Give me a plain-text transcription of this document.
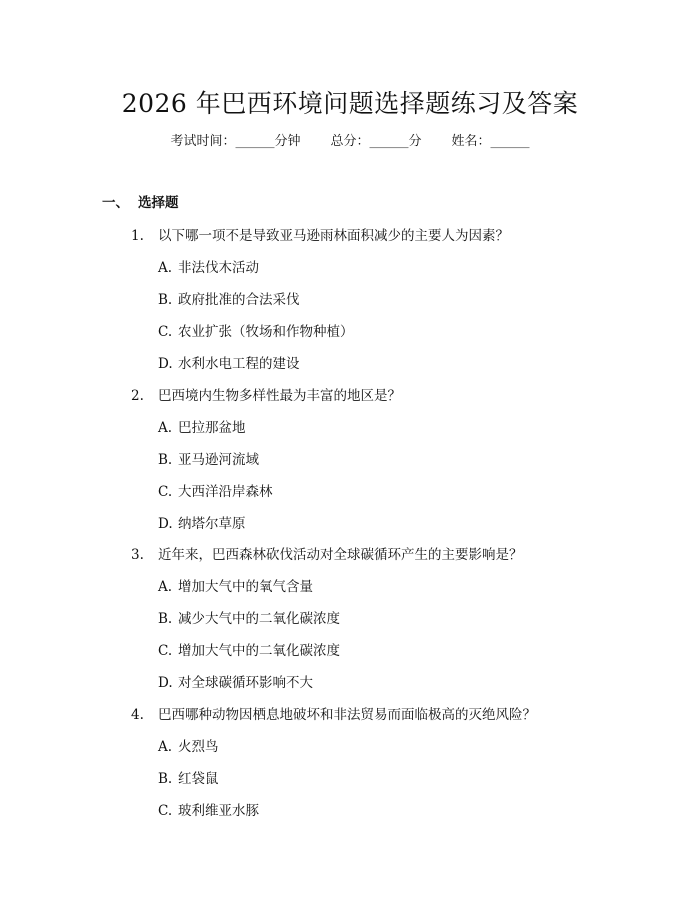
2026 年巴西环境问题选择题练习及答案
考试时间：______分钟 总分：______分 姓名：______
一、 选择题
1. 以下哪一项不是导致亚马逊雨林面积减少的主要人为因素？
A. 非法伐木活动
B. 政府批准的合法采伐
C. 农业扩张（牧场和作物种植）
D. 水利水电工程的建设
2. 巴西境内生物多样性最为丰富的地区是？
A. 巴拉那盆地
B. 亚马逊河流域
C. 大西洋沿岸森林
D. 纳塔尔草原
3. 近年来，巴西森林砍伐活动对全球碳循环产生的主要影响是？
A. 增加大气中的氧气含量
B. 减少大气中的二氧化碳浓度
C. 增加大气中的二氧化碳浓度
D. 对全球碳循环影响不大
4. 巴西哪种动物因栖息地破坏和非法贸易而面临极高的灭绝风险？
A. 火烈鸟
B. 红袋鼠
C. 玻利维亚水豚
